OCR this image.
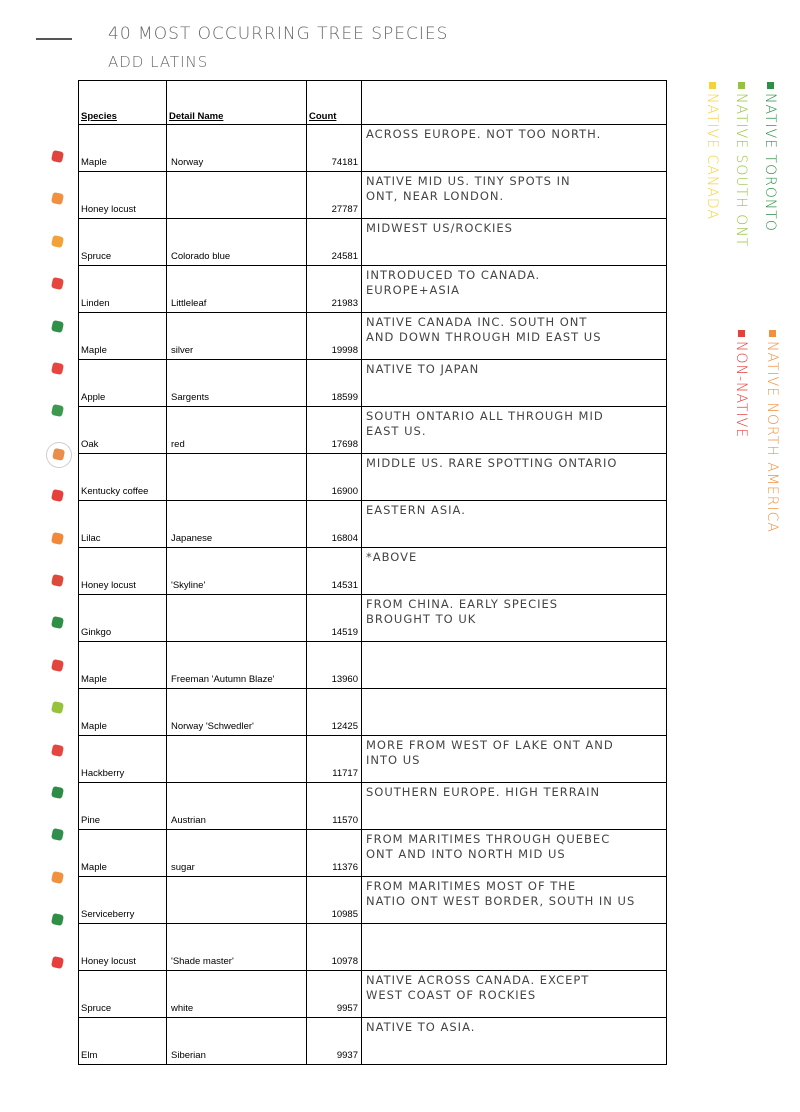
40 MOST OCCURRING TREE SPECIES
ADD LATINS
Species	Detail Name	Count	
Maple	Norway	74181	ACROSS EUROPE. NOT TOO NORTH.

Honey locust		27787	NATIVE MID US. TINY SPOTS IN
ONT, NEAR LONDON.

Spruce	Colorado blue	24581	MIDWEST US/ROCKIES

Linden	Littleleaf	21983	INTRODUCED TO CANADA.
EUROPE+ASIA

Maple	silver	19998	NATIVE CANADA INC. SOUTH ONT
AND DOWN THROUGH MID EAST US

Apple	Sargents	18599	NATIVE TO JAPAN

Oak	red	17698	SOUTH ONTARIO ALL THROUGH MID
EAST US.

Kentucky coffee		16900	MIDDLE US. RARE SPOTTING ONTARIO

Lilac	Japanese	16804	EASTERN ASIA.

Honey locust	'Skyline'	14531	*ABOVE

Ginkgo		14519	FROM CHINA. EARLY SPECIES
BROUGHT TO UK

Maple	Freeman 'Autumn Blaze'	13960	
Maple	Norway 'Schwedler'	12425	
Hackberry		11717	MORE FROM WEST OF LAKE ONT AND
INTO US

Pine	Austrian	11570	SOUTHERN EUROPE. HIGH TERRAIN

Maple	sugar	11376	FROM MARITIMES THROUGH QUEBEC
ONT AND INTO NORTH MID US

Serviceberry		10985	FROM MARITIMES MOST OF THE
NATIO ONT WEST BORDER, SOUTH IN US

Honey locust	'Shade master'	10978	
Spruce	white	9957	NATIVE ACROSS CANADA. EXCEPT
WEST COAST OF ROCKIES

Elm	Siberian	9937	NATIVE TO ASIA.
NATIVE TORONTO
NATIVE SOUTH ONT
NATIVE CANADA
NATIVE NORTH AMERICA
NON-NATIVE
